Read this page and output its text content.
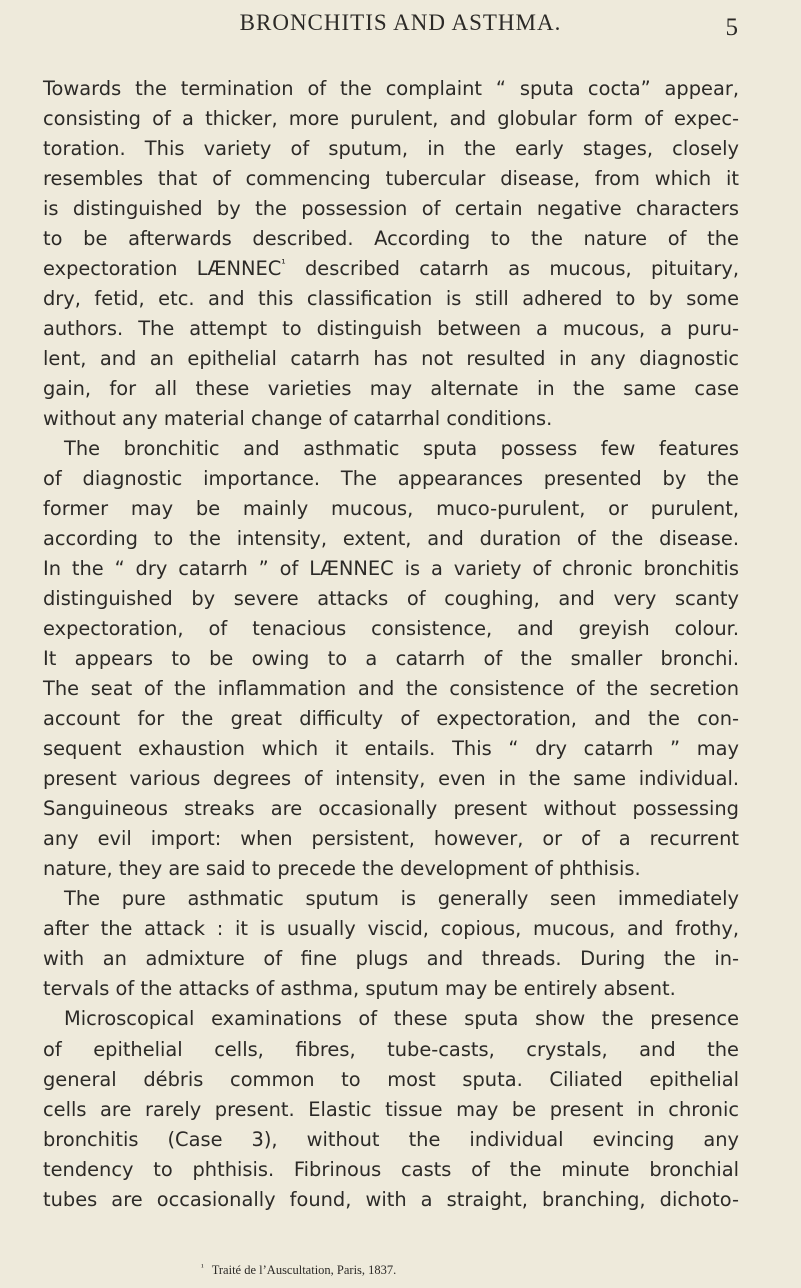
BRONCHITIS AND ASTHMA.	5
Towards the termination of the complaint “ sputa cocta” appear,
consisting of a thicker, more purulent, and globular form of expec-
toration. This variety of sputum, in the early stages, closely
resembles that of commencing tubercular disease, from which it
is distinguished by the possession of certain negative characters
to be afterwards described. According to the nature of the
expectoration LÆNNEC$^{^1}$ described catarrh as mucous, pituitary,
dry, fetid, etc. and this classification is still adhered to by some
authors. The attempt to distinguish between a mucous, a puru-
lent, and an epithelial catarrh has not resulted in any diagnostic
gain, for all these varieties may alternate in the same case
without any material change of catarrhal conditions.
The bronchitic and asthmatic sputa possess few features
of diagnostic importance. The appearances presented by the
former may be mainly mucous, muco-purulent, or purulent,
according to the intensity, extent, and duration of the disease.
In the “ dry catarrh ” of LÆNNEC is a variety of chronic bronchitis
distinguished by severe attacks of coughing, and very scanty
expectoration, of tenacious consistence, and greyish colour.
It appears to be owing to a catarrh of the smaller bronchi.
The seat of the inflammation and the consistence of the secretion
account for the great difficulty of expectoration, and the con-
sequent exhaustion which it entails. This “ dry catarrh ” may
present various degrees of intensity, even in the same individual.
Sanguineous streaks are occasionally present without possessing
any evil import: when persistent, however, or of a recurrent
nature, they are said to precede the development of phthisis.
The pure asthmatic sputum is generally seen immediately
after the attack : it is usually viscid, copious, mucous, and frothy,
with an admixture of fine plugs and threads. During the in-
tervals of the attacks of asthma, sputum may be entirely absent.
Microscopical examinations of these sputa show the presence
of epithelial cells, fibres, tube-casts, crystals, and the
general débris common to most sputa. Ciliated epithelial
cells are rarely present. Elastic tissue may be present in chronic
bronchitis (Case 3), without the individual evincing any
tendency to phthisis. Fibrinous casts of the minute bronchial
tubes are occasionally found, with a straight, branching, dichoto-
$^{^1}$ Traité de l’Auscultation, Paris, 1837.
